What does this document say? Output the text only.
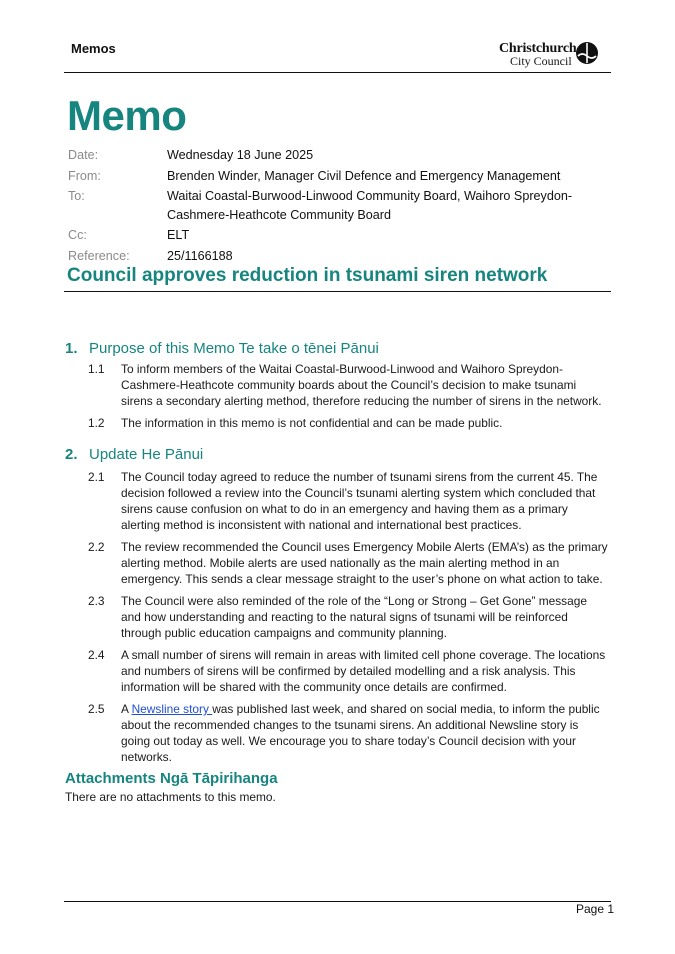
Memos	Christchurch
City Council
Memo
Date:	Wednesday 18 June 2025
From:	Brenden Winder, Manager Civil Defence and Emergency Management
To:	Waitai Coastal-Burwood-Linwood Community Board, Waihoro Spreydon-Cashmere-Heathcote Community Board
Cc:	ELT
Reference:	25/1166188
Council approves reduction in tsunami siren network
1. Purpose of this Memo Te take o tēnei Pānui
1.1	To inform members of the Waitai Coastal-Burwood-Linwood and Waihoro Spreydon-Cashmere-Heathcote community boards about the Council’s decision to make tsunami sirens a secondary alerting method, therefore reducing the number of sirens in the network.
1.2	The information in this memo is not confidential and can be made public.
2. Update He Pānui
2.1	The Council today agreed to reduce the number of tsunami sirens from the current 45. The decision followed a review into the Council’s tsunami alerting system which concluded that sirens cause confusion on what to do in an emergency and having them as a primary alerting method is inconsistent with national and international best practices.
2.2	The review recommended the Council uses Emergency Mobile Alerts (EMA’s) as the primary alerting method. Mobile alerts are used nationally as the main alerting method in an emergency. This sends a clear message straight to the user’s phone on what action to take.
2.3	The Council were also reminded of the role of the “Long or Strong – Get Gone” message and how understanding and reacting to the natural signs of tsunami will be reinforced through public education campaigns and community planning.
2.4	A small number of sirens will remain in areas with limited cell phone coverage. The locations and numbers of sirens will be confirmed by detailed modelling and a risk analysis. This information will be shared with the community once details are confirmed.
2.5	A Newsline story was published last week, and shared on social media, to inform the public about the recommended changes to the tsunami sirens. An additional Newsline story is going out today as well. We encourage you to share today’s Council decision with your networks.
Attachments Ngā Tāpirihanga
There are no attachments to this memo.
Page 1
